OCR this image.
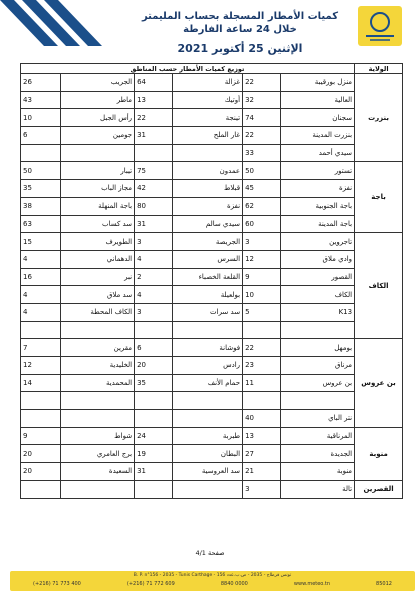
كميات الأمطار المسجلة بحساب المليمتر
خلال 24 ساعة الفارطة
الإثنين 25 أكتوبر 2021
الولاية	توزيع كميات الأمطار حسب المناطق					
بنزرت	منزل بورقيبة	22	غزالة	64	الجريب	26
	العالية	32	أوتيك	13	ماطر	43
	سجنان	74	تينجة	22	رأس الجبل	10
	بنزرت المدينة	22	غار الملح	31	جومين	6
	سيدي أحمد	33				
باجة	تستور	50	عمدون	75	تيبار	50
	نفزة	45	قبلاط	42	مجاز الباب	35
	باجة الجنوبية	62	نفزة	80	باجة المنهلة	38
	باجة المدينة	60	سيدي سالم	31	سد كساب	63
الكاف	تاجروين	3	الجريصة	3	الطويرف	15
	وادي ملاق	12	السرس	4	الدهماني	4
	القصور	9	القلعة الخصباء	2	نبر	16
	الكاف	10	بولعيلة	4	سد ملاق	4
	K13	5	سد سرات	3	الكاف المحطة	4

بن عروس	بومهل	22	فوشانة	6	مقرين	7
	مرناق	23	رادس	20	الخليدية	12
	بن عروس	11	حمام الأنف	35	المحمدية	14

	نتر الباي	40				
منوبة	المرناقية	13	طبربة	24	شواط	9
	الجديدة	27	البطان	19	برج العامري	20
	منوبة	21	سد العروسية	31	السعيدة	20
القصرين	تالة	3				
صفحة 4/1
B. P. n°156 - 2035 - Tunis Carthage - تونس قرطاج - 2035 - ص.ب.عدد 156
(+216) 71 773 400	(+216) 71 772 609	8840 0000	www.meteo.tn	85012
